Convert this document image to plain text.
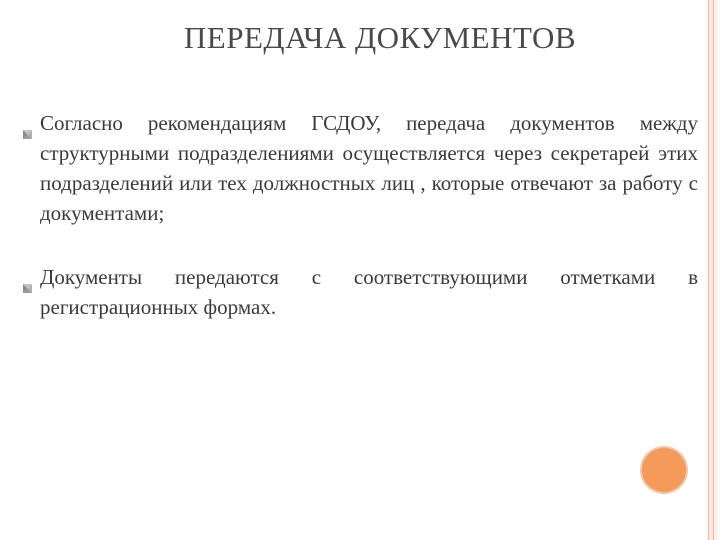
ПЕРЕДАЧА ДОКУМЕНТОВ
Согласно рекомендациям ГСДОУ, передача документов между структурными подразделениями осуществляется через секретарей этих подразделений или тех должностных лиц , которые отвечают за работу с документами;
Документы передаются с соответствующими отметками в регистрационных формах.
